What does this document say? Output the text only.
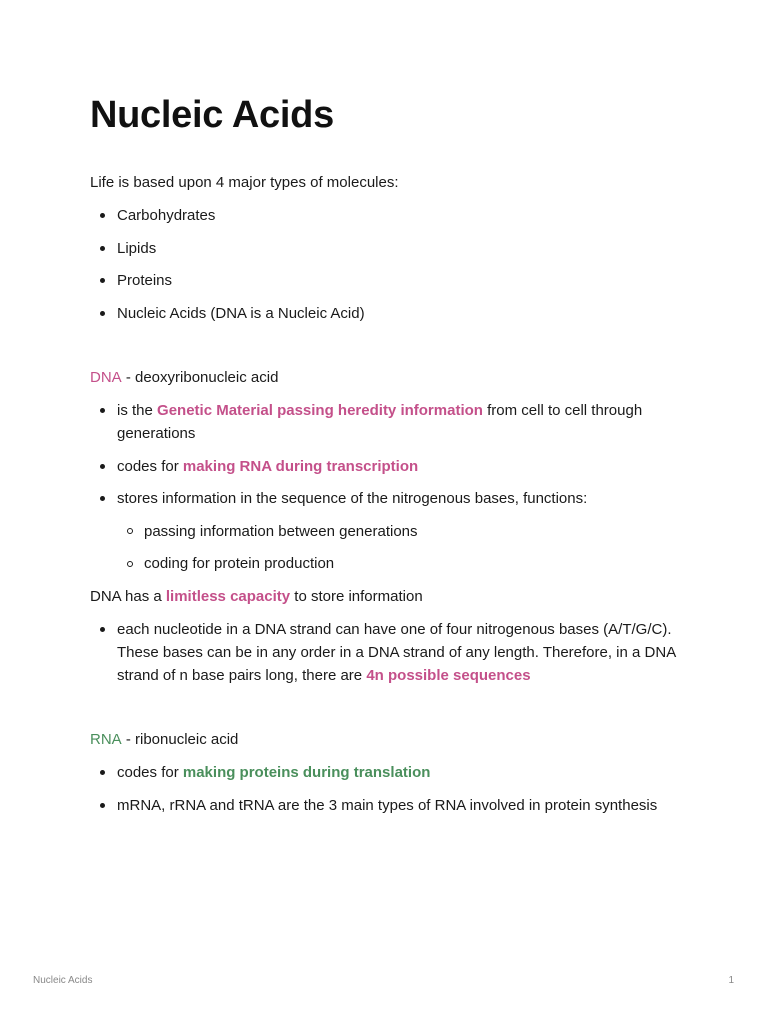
Nucleic Acids

Life is based upon 4 major types of molecules:

Carbohydrates
Lipids
Proteins
Nucleic Acids (DNA is a Nucleic Acid)

DNA - deoxyribonucleic acid

is the Genetic Material passing heredity information from cell to cell through generations
codes for making RNA during transcription
stores information in the sequence of the nitrogenous bases, functions:
passing information between generations
coding for protein production

DNA has a limitless capacity to store information

each nucleotide in a DNA strand can have one of four nitrogenous bases (A/T/G/C). These bases can be in any order in a DNA strand of any length. Therefore, in a DNA strand of n base pairs long, there are 4n possible sequences

RNA - ribonucleic acid

codes for making proteins during translation
mRNA, rRNA and tRNA are the 3 main types of RNA involved in protein synthesis
Nucleic Acids	1
